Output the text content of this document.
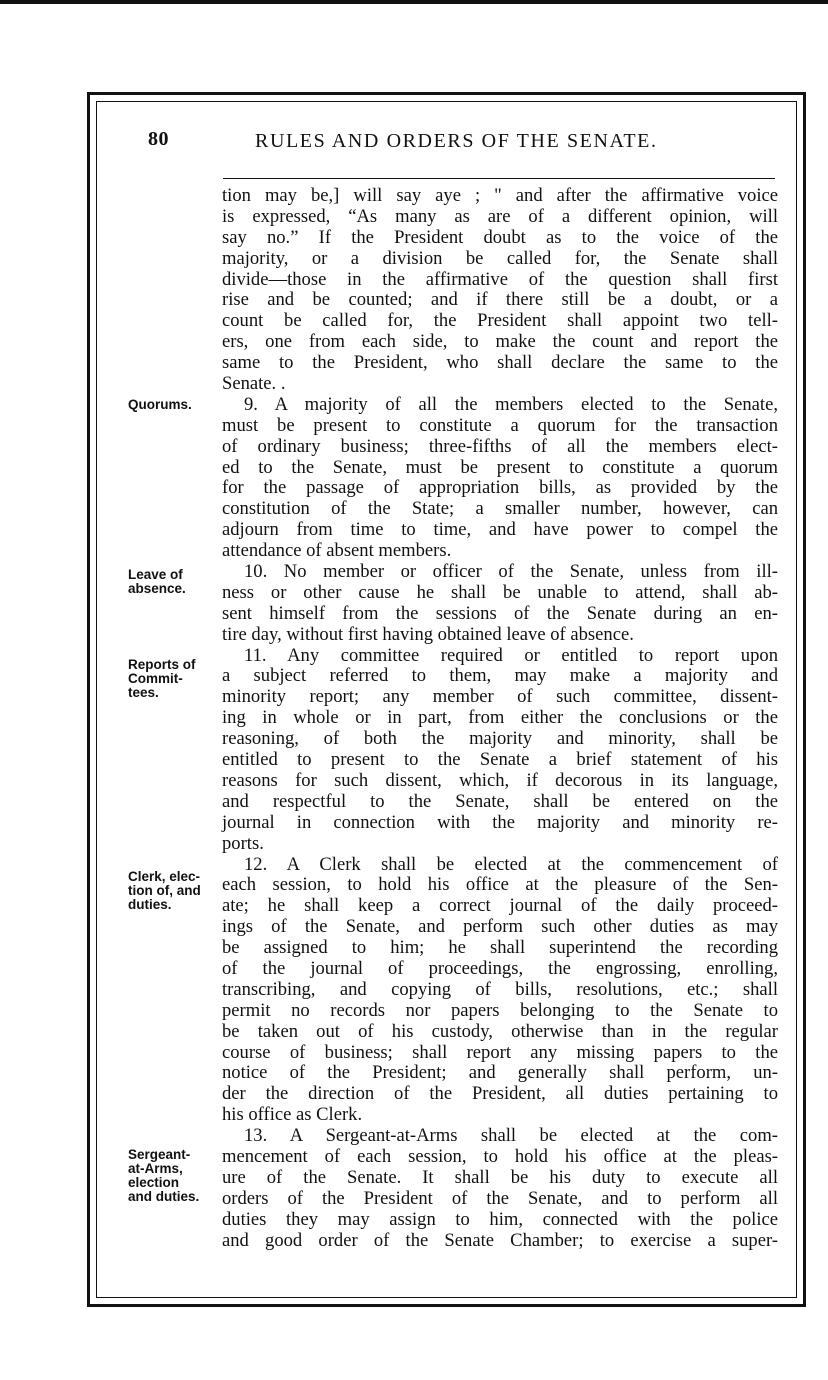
80	RULES AND ORDERS OF THE SENATE.
Quorums.
Leave of
absence.
Reports of
Commit-
tees.
Clerk, elec-
tion of, and
duties.
Sergeant-
at-Arms,
election
and duties.
tion may be,] will say aye ; " and after the affirmative voice
is expressed, “As many as are of a different opinion, will
say no.” If the President doubt as to the voice of the
majority, or a division be called for, the Senate shall
divide—those in the affirmative of the question shall first
rise and be counted; and if there still be a doubt, or a
count be called for, the President shall appoint two tell-
ers, one from each side, to make the count and report the
same to the President, who shall declare the same to the
Senate. .
9. A majority of all the members elected to the Senate,
must be present to constitute a quorum for the transaction
of ordinary business; three-fifths of all the members elect-
ed to the Senate, must be present to constitute a quorum
for the passage of appropriation bills, as provided by the
constitution of the State; a smaller number, however, can
adjourn from time to time, and have power to compel the
attendance of absent members.
10. No member or officer of the Senate, unless from ill-
ness or other cause he shall be unable to attend, shall ab-
sent himself from the sessions of the Senate during an en-
tire day, without first having obtained leave of absence.
11. Any committee required or entitled to report upon
a subject referred to them, may make a majority and
minority report; any member of such committee, dissent-
ing in whole or in part, from either the conclusions or the
reasoning, of both the majority and minority, shall be
entitled to present to the Senate a brief statement of his
reasons for such dissent, which, if decorous in its language,
and respectful to the Senate, shall be entered on the
journal in connection with the majority and minority re-
ports.
12. A Clerk shall be elected at the commencement of
each session, to hold his office at the pleasure of the Sen-
ate; he shall keep a correct journal of the daily proceed-
ings of the Senate, and perform such other duties as may
be assigned to him; he shall superintend the recording
of the journal of proceedings, the engrossing, enrolling,
transcribing, and copying of bills, resolutions, etc.; shall
permit no records nor papers belonging to the Senate to
be taken out of his custody, otherwise than in the regular
course of business; shall report any missing papers to the
notice of the President; and generally shall perform, un-
der the direction of the President, all duties pertaining to
his office as Clerk.
13. A Sergeant-at-Arms shall be elected at the com-
mencement of each session, to hold his office at the pleas-
ure of the Senate. It shall be his duty to execute all
orders of the President of the Senate, and to perform all
duties they may assign to him, connected with the police
and good order of the Senate Chamber; to exercise a super-
